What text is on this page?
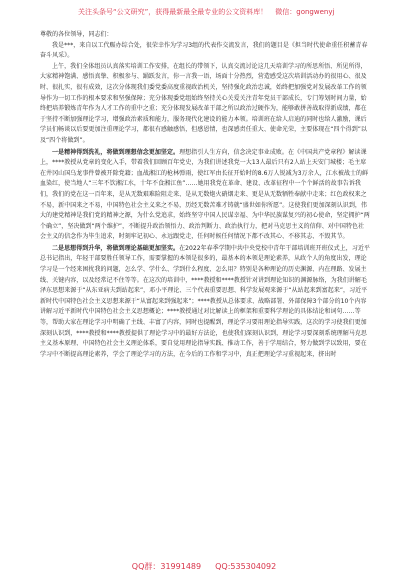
关注头条号“公文研究”，获得最新最全最专业的公文资料库！ 微信：gongwenyj

尊敬的各位领导，同志们：

我是***，来自以工代赈办综合处，很荣幸作为学习3组的代表作交流发言，我们的题目是《担当时代使命重任积蓄青春奋斗风采》。

上午，我们全体组员认真落实培训工作安排，在组长的带领下，认真交流讨论这几天培训学习的所思所悟、所见所得，大家精神饱满、感悟真挚、积极参与、踊跃发言，你一言我一语，场面十分热烈，营造感受这次培训活动办的很用心、很及时、很扎实，很有成效，这次分体现我们委党委高度重视政治机关，坚持强化政治忠诚，始终把加强党对发展改革工作的领导作为一切工作的根本要求和坚强保障；充分体现委党组始终坚持关心关爱关注青年党员干部成长，专门筹划时间力量，始终把培养锻炼青年作为人才工作的重中之重；充分体现发展改革干部之所以政治过硬作为，能够敢拼善战取得新成绩，都在于坚持不断加强理论学习，增强政治素质和能力，服务现代化建设的能力本领。培训班在给人启迪的同时也给人激励，课后学员们畅谈以后要更加注重理论学习，都很有感触感悟，但感恩情，也深感责任重大、使命光荣，主要体现在“四个得到”以及“四个将做到”。

一是精神得到洗礼，将做到理想信念更加坚定。理想指引人生方向，信念决定事业成败。在《中国共产党章程》解读课上，****教授从党章的变化入手，带着我们回顾百年党史，为我们讲述我党一大13人最后只有2人站上天安门城楼；毛主席在井冈山国乌龙事件曾被开除党籍；血战湘江的枪林弹雨，使红军由长征开始时的8.6万人锐减为3万余人，江水被战士的鲜血染红，使当地人“三年不饮湘江水，十年不食湘江鱼”……她用我党在革命、建设、改革征程中一个个鲜活的故事告诉我们，我们的党在这一百年来，是从无数艰难险阻走来、是从无数炮火硝烟走来、更是从无数牺牲奉献中走来；红色政权来之不易，新中国来之不易，中国特色社会主义来之不易，历经无数苦难才铸就“盛世如你所愿”。这使我们更加深刻认识到，伟大的建党精神是我们党的精神之源，为什么党追求，始终坚守中国人民谋幸福、为中华民族谋复兴的初心使命，坚定拥护“两个确立”，坚决做到“两个维护”，不断提升政治领悟力、政治判断力、政治执行力，把对马克思主义的信仰、对中国特色社会主义的信念作为毕生追求，时刻牢记初心、永远跟党走，任何时候任何情况下都不改其心、不移其志、不毁其节。

二是思想得到升华，将做到理论基础更加坚实。在2022年春季学期中共中央党校中青年干部培训班开班仪式上，习近平总书记指出，年轻干部要胜任领导工作，需要掌握的本领是很多的，最基本的本领是理论素养，从政个人的角度出发，理论学习是一个经来困扰我的问题，怎么学、学什么、学到什么程度、怎么用？特别是各种理论的历史渊源、内在理路、发展主线、关键内容，以及经常记不住等等。在这次的培训中，****教授和****教授针对讲到理论知识的渊源脉络，为我们讲解毛泽东思想来源于“从东亚病夫到站起来”，邓小平理论、三个代表重要思想、科学发展观来源于“从站起来到富起来”，习近平新时代中国特色社会主义思想来源于“从富起来到强起来”；****教授从总体要求、战略部署、外部保障3个部分的10个内容讲解习近平新时代中国特色社会主义思想概论；****教授通过对比解读上的框架和重要科学理论的具体结论和词句……等等，帮助大家在理论学习中明确了主线、丰富了内容，同时也提醒到，理论学习要用理论指导实践，这次的学习使我们更加深刻认识到，****教授和****教授提供了理论学习中的最好方法论，也使我们深刻认识到，理论学习要深刻系统理解马克思主义基本原理、中国特色社会主义理论体系，要自觉用理论指导实践、推动工作，善于学用结合，努力做到学以致用，要在学习中不断提高理论素养，学会了理论学习的方法，在今后的工作和学习中，真正把理论学习重视起来，挤出时

QQ群：31991489 QQ:535304092
